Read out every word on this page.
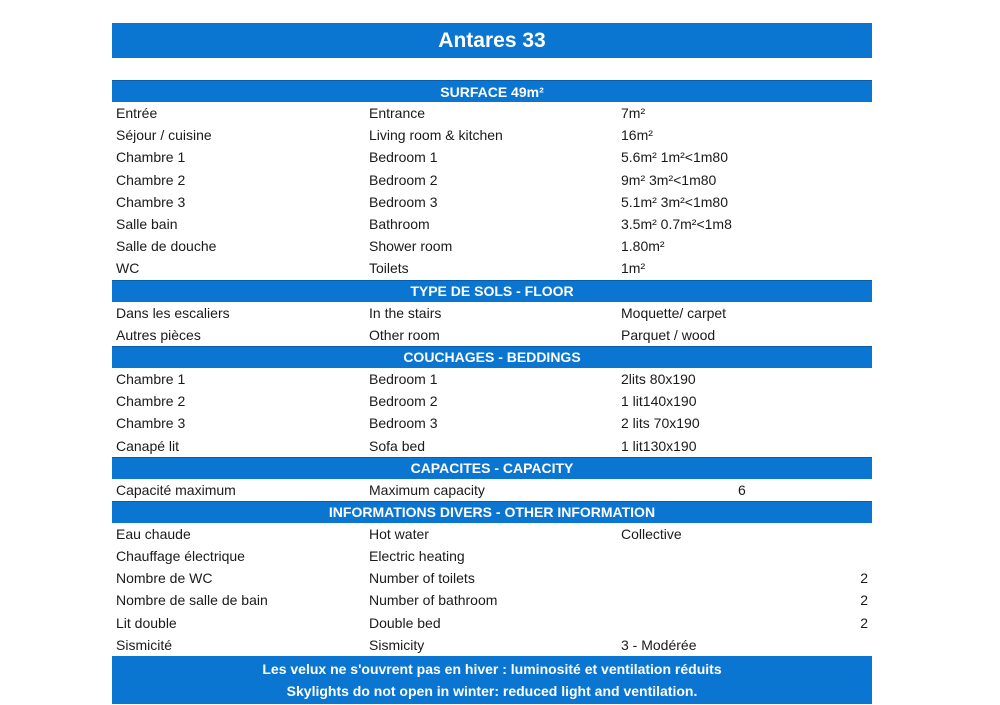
Antares 33
SURFACE 49m²
Entrée	Entrance	7m²
Séjour / cuisine	Living room & kitchen	16m²
Chambre 1	Bedroom 1	5.6m² 1m²<1m80
Chambre 2	Bedroom 2	9m² 3m²<1m80
Chambre 3	Bedroom 3	5.1m² 3m²<1m80
Salle bain	Bathroom	3.5m² 0.7m²<1m8
Salle de douche	Shower room	1.80m²
WC	Toilets	1m²
TYPE DE SOLS - FLOOR
Dans les escaliers	In the stairs	Moquette/ carpet
Autres pièces	Other room	Parquet / wood
COUCHAGES - BEDDINGS
Chambre 1	Bedroom 1	2lits 80x190
Chambre 2	Bedroom 2	1 lit140x190
Chambre 3	Bedroom 3	2 lits 70x190
Canapé lit	Sofa bed	1 lit130x190
CAPACITES - CAPACITY
Capacité maximum	Maximum capacity	6
INFORMATIONS DIVERS - OTHER INFORMATION
Eau chaude	Hot water	Collective
Chauffage électrique	Electric heating
Nombre de WC	Number of toilets	2
Nombre de salle de bain	Number of bathroom	2
Lit double	Double bed	2
Sismicité	Sismicity	3 - Modérée
Les velux ne s'ouvrent pas en hiver : luminosité et ventilation réduits
Skylights do not open in winter: reduced light and ventilation.
